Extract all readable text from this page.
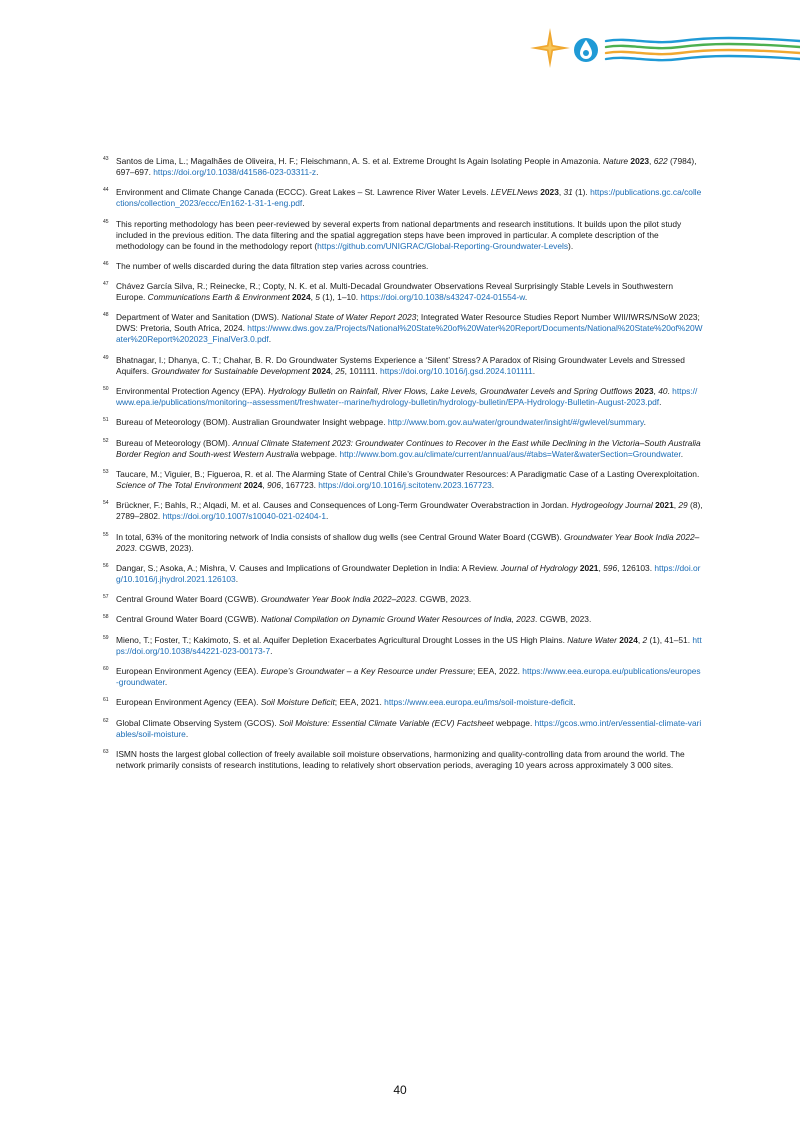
43 Santos de Lima, L.; Magalhães de Oliveira, H. F.; Fleischmann, A. S. et al. Extreme Drought Is Again Isolating People in Amazonia. Nature 2023, 622 (7984), 697–697. https://doi.org/10.1038/d41586-023-03311-z.
44 Environment and Climate Change Canada (ECCC). Great Lakes – St. Lawrence River Water Levels. LEVELNews 2023, 31 (1). https://publications.gc.ca/collections/collection_2023/eccc/En162-1-31-1-eng.pdf.
45 This reporting methodology has been peer-reviewed by several experts from national departments and research institutions. It builds upon the pilot study included in the previous edition. The data filtering and the spatial aggregation steps have been improved in particular. A complete description of the methodology can be found in the methodology report (https://github.com/UNIGRAC/Global-Reporting-Groundwater-Levels).
46 The number of wells discarded during the data filtration step varies across countries.
47 Chávez García Silva, R.; Reinecke, R.; Copty, N. K. et al. Multi-Decadal Groundwater Observations Reveal Surprisingly Stable Levels in Southwestern Europe. Communications Earth & Environment 2024, 5 (1), 1–10. https://doi.org/10.1038/s43247-024-01554-w.
48 Department of Water and Sanitation (DWS). National State of Water Report 2023; Integrated Water Resource Studies Report Number WII/IWRS/NSoW 2023; DWS: Pretoria, South Africa, 2024. https://www.dws.gov.za/Projects/National%20State%20of%20Water%20Report/Documents/National%20State%20of%20Water%20Report%202023_FinalVer3.0.pdf.
49 Bhatnagar, I.; Dhanya, C. T.; Chahar, B. R. Do Groundwater Systems Experience a ‘Silent’ Stress? A Paradox of Rising Groundwater Levels and Stressed Aquifers. Groundwater for Sustainable Development 2024, 25, 101111. https://doi.org/10.1016/j.gsd.2024.101111.
50 Environmental Protection Agency (EPA). Hydrology Bulletin on Rainfall, River Flows, Lake Levels, Groundwater Levels and Spring Outflows 2023, 40. https://www.epa.ie/publications/monitoring--assessment/freshwater--marine/hydrology-bulletin/hydrology-bulletin/EPA-Hydrology-Bulletin-August-2023.pdf.
51 Bureau of Meteorology (BOM). Australian Groundwater Insight webpage. http://www.bom.gov.au/water/groundwater/insight/#/gwlevel/summary.
52 Bureau of Meteorology (BOM). Annual Climate Statement 2023: Groundwater Continues to Recover in the East while Declining in the Victoria–South Australia Border Region and South-west Western Australia webpage. http://www.bom.gov.au/climate/current/annual/aus/#tabs=Water&waterSection=Groundwater.
53 Taucare, M.; Viguier, B.; Figueroa, R. et al. The Alarming State of Central Chile’s Groundwater Resources: A Paradigmatic Case of a Lasting Overexploitation. Science of The Total Environment 2024, 906, 167723. https://doi.org/10.1016/j.scitotenv.2023.167723.
54 Brückner, F.; Bahls, R.; Alqadi, M. et al. Causes and Consequences of Long-Term Groundwater Overabstraction in Jordan. Hydrogeology Journal 2021, 29 (8), 2789–2802. https://doi.org/10.1007/s10040-021-02404-1.
55 In total, 63% of the monitoring network of India consists of shallow dug wells (see Central Ground Water Board (CGWB). Groundwater Year Book India 2022–2023. CGWB, 2023).
56 Dangar, S.; Asoka, A.; Mishra, V. Causes and Implications of Groundwater Depletion in India: A Review. Journal of Hydrology 2021, 596, 126103. https://doi.org/10.1016/j.jhydrol.2021.126103.
57 Central Ground Water Board (CGWB). Groundwater Year Book India 2022–2023. CGWB, 2023.
58 Central Ground Water Board (CGWB). National Compilation on Dynamic Ground Water Resources of India, 2023. CGWB, 2023.
59 Mieno, T.; Foster, T.; Kakimoto, S. et al. Aquifer Depletion Exacerbates Agricultural Drought Losses in the US High Plains. Nature Water 2024, 2 (1), 41–51. https://doi.org/10.1038/s44221-023-00173-7.
60 European Environment Agency (EEA). Europe’s Groundwater – a Key Resource under Pressure; EEA, 2022. https://www.eea.europa.eu/publications/europes-groundwater.
61 European Environment Agency (EEA). Soil Moisture Deficit; EEA, 2021. https://www.eea.europa.eu/ims/soil-moisture-deficit.
62 Global Climate Observing System (GCOS). Soil Moisture: Essential Climate Variable (ECV) Factsheet webpage. https://gcos.wmo.int/en/essential-climate-variables/soil-moisture.
63 ISMN hosts the largest global collection of freely available soil moisture observations, harmonizing and quality-controlling data from around the world. The network primarily consists of research institutions, leading to relatively short observation periods, averaging 10 years across approximately 3 000 sites.
40
